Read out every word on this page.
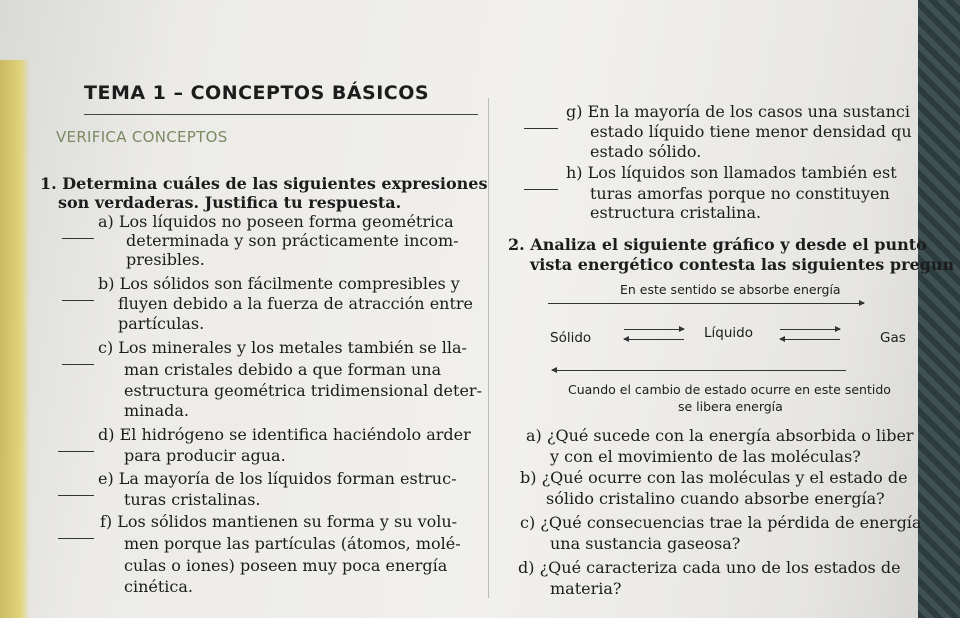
TEMA 1 – CONCEPTOS BÁSICOS
VERIFICA CONCEPTOS
1. Determina cuáles de las siguientes expresiones
son verdaderas. Justifica tu respuesta.
a) Los líquidos no poseen forma geométrica
determinada y son prácticamente incom-
presibles.
b) Los sólidos son fácilmente compresibles y
fluyen debido a la fuerza de atracción entre
partículas.
c) Los minerales y los metales también se lla-
man cristales debido a que forman una
estructura geométrica tridimensional deter-
minada.
d) El hidrógeno se identifica haciéndolo arder
para producir agua.
e) La mayoría de los líquidos forman estruc-
turas cristalinas.
f) Los sólidos mantienen su forma y su volu-
men porque las partículas (átomos, molé-
culas o iones) poseen muy poca energía
cinética.
g) En la mayoría de los casos una sustanci
estado líquido tiene menor densidad qu
estado sólido.
h) Los líquidos son llamados también est
turas amorfas porque no constituyen
estructura cristalina.
2. Analiza el siguiente gráfico y desde el punto
vista energético contesta las siguientes pregun
En este sentido se absorbe energía
Sólido	Líquido	Gas
Cuando el cambio de estado ocurre en este sentido
se libera energía
a) ¿Qué sucede con la energía absorbida o liber
y con el movimiento de las moléculas?
b) ¿Qué ocurre con las moléculas y el estado de
sólido cristalino cuando absorbe energía?
c) ¿Qué consecuencias trae la pérdida de energía
una sustancia gaseosa?
d) ¿Qué caracteriza cada uno de los estados de
materia?
